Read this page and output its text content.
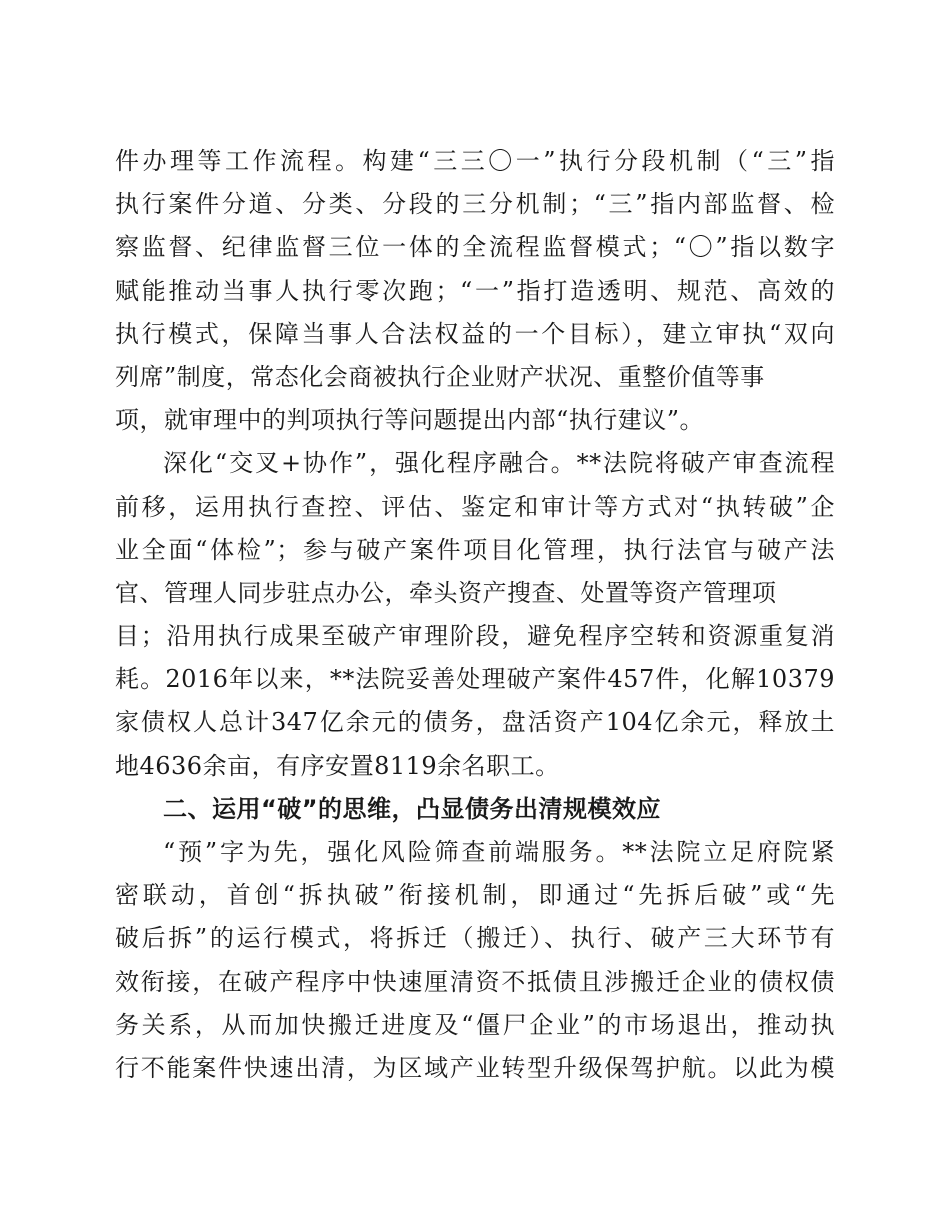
件办理等工作流程。构建“三三〇一”执行分段机制（“三”指
执行案件分道、分类、分段的三分机制；“三”指内部监督、检
察监督、纪律监督三位一体的全流程监督模式；“〇”指以数字
赋能推动当事人执行零次跑；“一”指打造透明、规范、高效的
执行模式，保障当事人合法权益的一个目标），建立审执“双向
列席”制度，常态化会商被执行企业财产状况、重整价值等事
项，就审理中的判项执行等问题提出内部“执行建议”。
深化“交叉+协作”，强化程序融合。**法院将破产审查流程
前移，运用执行查控、评估、鉴定和审计等方式对“执转破”企
业全面“体检”；参与破产案件项目化管理，执行法官与破产法
官、管理人同步驻点办公，牵头资产搜查、处置等资产管理项
目；沿用执行成果至破产审理阶段，避免程序空转和资源重复消
耗。2016年以来，**法院妥善处理破产案件457件，化解10379
家债权人总计347亿余元的债务，盘活资产104亿余元，释放土
地4636余亩，有序安置8119余名职工。
二、运用“破”的思维，凸显债务出清规模效应
“预”字为先，强化风险筛查前端服务。**法院立足府院紧
密联动，首创“拆执破”衔接机制，即通过“先拆后破”或“先
破后拆”的运行模式，将拆迁（搬迁）、执行、破产三大环节有
效衔接，在破产程序中快速厘清资不抵债且涉搬迁企业的债权债
务关系，从而加快搬迁进度及“僵尸企业”的市场退出，推动执
行不能案件快速出清，为区域产业转型升级保驾护航。以此为模
